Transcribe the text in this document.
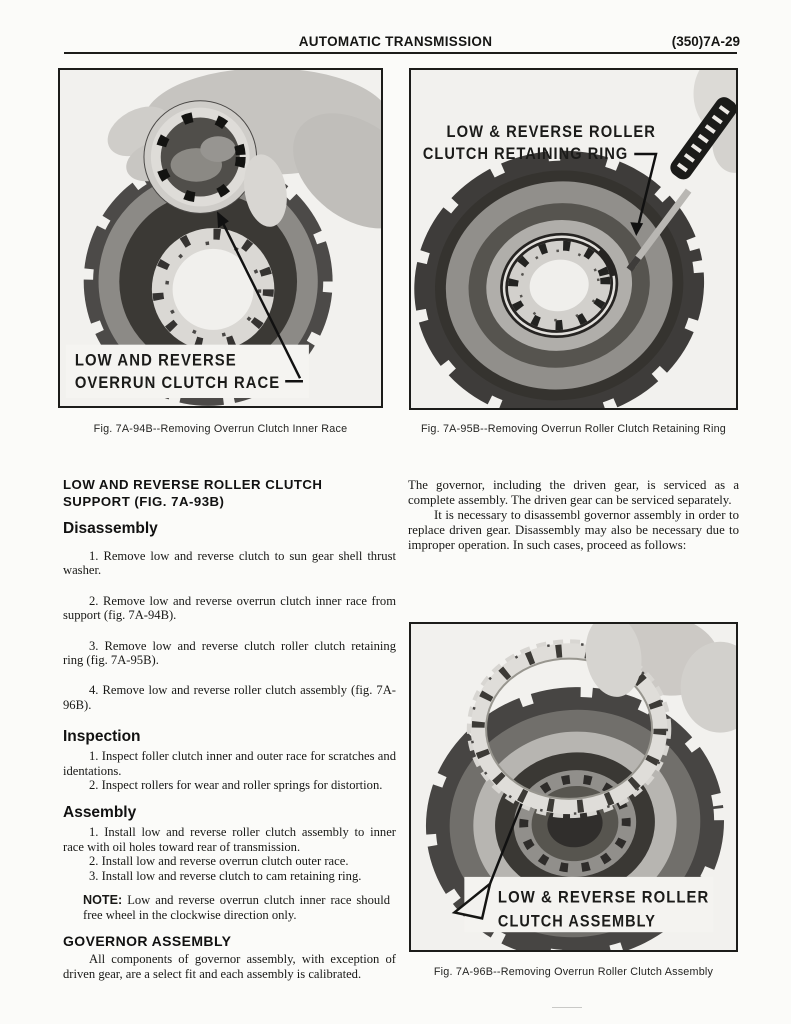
AUTOMATIC TRANSMISSION	(350)7A-29
LOW AND REVERSE
OVERRUN CLUTCH RACE
Fig. 7A-94B--Removing Overrun Clutch Inner Race
LOW & REVERSE ROLLER
CLUTCH RETAINING RING
Fig. 7A-95B--Removing Overrun Roller Clutch Retaining Ring
LOW & REVERSE ROLLER
CLUTCH ASSEMBLY
Fig. 7A-96B--Removing Overrun Roller Clutch Assembly
LOW AND REVERSE ROLLER CLUTCH
SUPPORT (FIG. 7A-93B)
Disassembly

1. Remove low and reverse clutch to sun gear shell thrust washer.

2. Remove low and reverse overrun clutch inner race from support (fig. 7A-94B).

3. Remove low and reverse clutch roller clutch retaining ring (fig. 7A-95B).

4. Remove low and reverse roller clutch assembly (fig. 7A-96B).

Inspection

1. Inspect foller clutch inner and outer race for scratches and identations.

2. Inspect rollers for wear and roller springs for distortion.

Assembly

1. Install low and reverse roller clutch assembly to inner race with oil holes toward rear of transmission.

2. Install low and reverse overrun clutch outer race.

3. Install low and reverse clutch to cam retaining ring.

NOTE: Low and reverse overrun clutch inner race should free wheel in the clockwise direction only.

GOVERNOR ASSEMBLY

All components of governor assembly, with exception of driven gear, are a select fit and each assembly is calibrated.

The governor, including the driven gear, is serviced as a complete assembly. The driven gear can be serviced separately.

It is necessary to disassembl governor assembly in order to replace driven gear. Disassembly may also be necessary due to improper operation. In such cases, proceed as follows:
